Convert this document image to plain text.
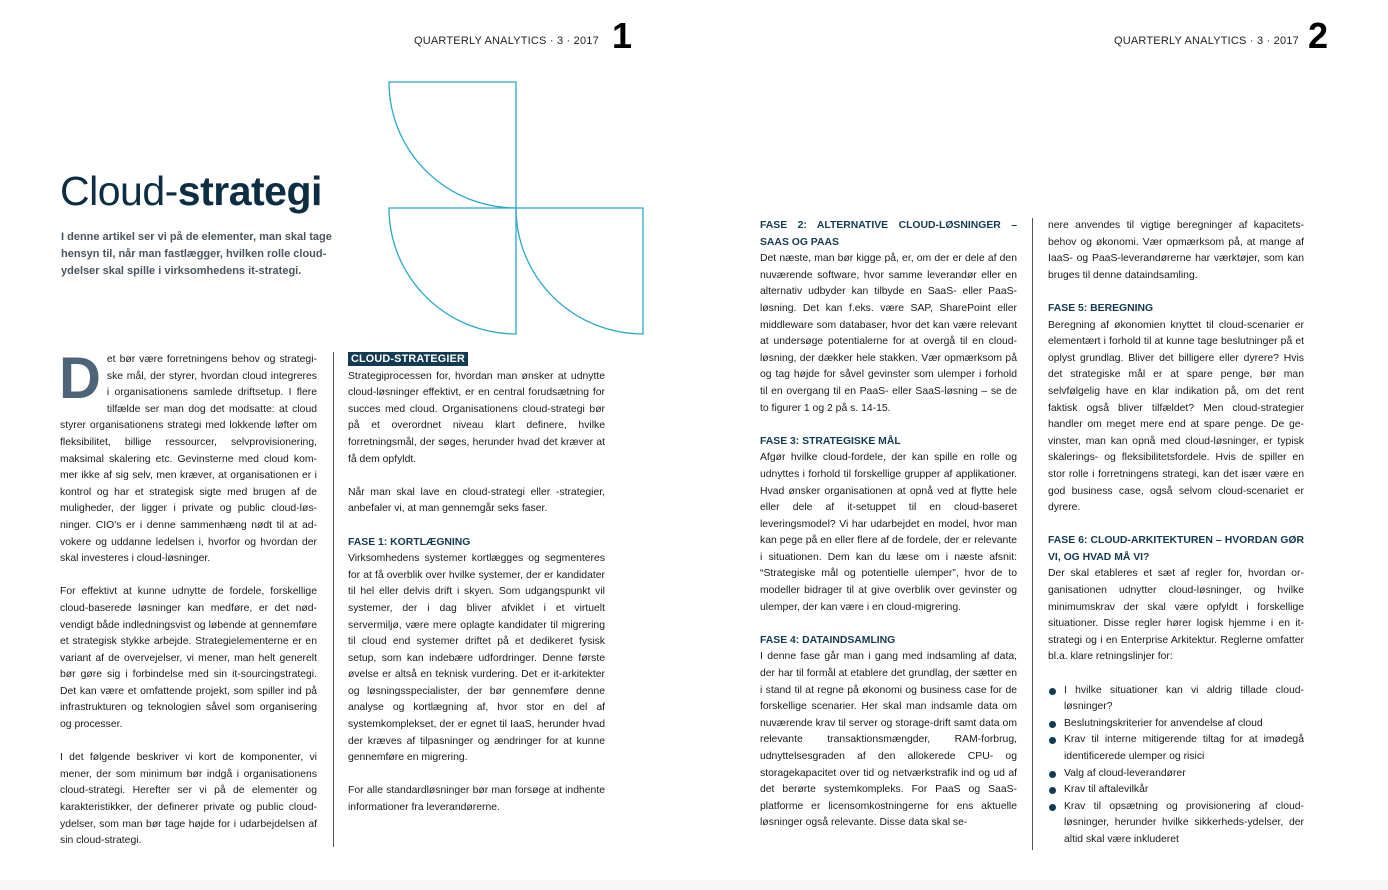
QUARTERLY ANALYTICS · 3 · 2017 1
Cloud-strategi
I denne artikel ser vi på de elementer, man skal tage hensyn til, når man fastlægger, hvilken rolle cloud-ydelser skal spille i virksomhedens it-strategi.

Det bør være forretningens behov og strategiske mål, der styrer, hvordan cloud integreres i organisationens samlede driftsetup. I flere tilfælde ser man dog det modsatte: at cloud styrer organisationens strategi med lokkende løfter om fleksibilitet, billige ressourcer, selvprovisionering, maksimal skalering etc. Gevinsterne med cloud kommer ikke af sig selv, men kræver, at organisationen er i kontrol og har et strategisk sigte med brugen af de muligheder, der ligger i private og public cloud-løsninger. CIO's er i denne sammenhæng nødt til at advokere og uddanne ledelsen i, hvorfor og hvordan der skal investeres i cloud-løsninger.

For effektivt at kunne udnytte de fordele, forskellige cloud-baserede løsninger kan medføre, er det nødvendigt både indledningsvist og løbende at gennemføre et strategisk stykke arbejde. Strategielementerne er en variant af de overvejelser, vi mener, man helt generelt bør gøre sig i forbindelse med sin it-sourcingstrategi. Det kan være et omfattende projekt, som spiller ind på infrastrukturen og teknologien såvel som organisering og processer.

I det følgende beskriver vi kort de komponenter, vi mener, der som minimum bør indgå i organisationens cloud-strategi. Herefter ser vi på de elementer og karakteristikker, der definerer private og public cloud-ydelser, som man bør tage højde for i udarbejdelsen af sin cloud-strategi.

CLOUD-STRATEGIER

Strategiprocessen for, hvordan man ønsker at udnytte cloud-løsninger effektivt, er en central forudsætning for succes med cloud. Organisationens cloud-strategi bør på et overordnet niveau klart definere, hvilke forretningsmål, der søges, herunder hvad det kræver at få dem opfyldt.

Når man skal lave en cloud-strategi eller -strategier, anbefaler vi, at man gennemgår seks faser.

FASE 1: KORTLÆGNING

Virksomhedens systemer kortlægges og segmenteres for at få overblik over hvilke systemer, der er kandidater til hel eller delvis drift i skyen. Som udgangspunkt vil systemer, der i dag bliver afviklet i et virtuelt servermiljø, være mere oplagte kandidater til migrering til cloud end systemer driftet på et dedikeret fysisk setup, som kan indebære udfordringer. Denne første øvelse er altså en teknisk vurdering. Det er it-arkitekter og løsningsspecialister, der bør gennemføre denne analyse og kortlægning af, hvor stor en del af systemkomplekset, der er egnet til IaaS, herunder hvad der kræves af tilpasninger og ændringer for at kunne gennemføre en migrering.

For alle standardløsninger bør man forsøge at indhente informationer fra leverandørerne.

QUARTERLY ANALYTICS · 3 · 2017 2
FASE 2: ALTERNATIVE CLOUD-LØSNINGER – SAAS OG PAAS

Det næste, man bør kigge på, er, om der er dele af den nuværende software, hvor samme leverandør eller en alternativ udbyder kan tilbyde en SaaS- eller PaaS-løsning. Det kan f.eks. være SAP, SharePoint eller middleware som databaser, hvor det kan være relevant at undersøge potentialerne for at overgå til en cloud-løsning, der dækker hele stakken. Vær opmærksom på og tag højde for såvel gevinster som ulemper i forhold til en overgang til en PaaS- eller SaaS-løsning – se de to figurer 1 og 2 på s. 14-15.

FASE 3: STRATEGISKE MÅL

Afgør hvilke cloud-fordele, der kan spille en rolle og udnyttes i forhold til forskellige grupper af applikationer. Hvad ønsker organisationen at opnå ved at flytte hele eller dele af it-setuppet til en cloud-baseret leveringsmodel? Vi har udarbejdet en model, hvor man kan pege på en eller flere af de fordele, der er relevante i situationen. Dem kan du læse om i næste afsnit: “Strategiske mål og potentielle ulemper”, hvor de to modeller bidrager til at give overblik over gevinster og ulemper, der kan være i en cloud-migrering.

FASE 4: DATAINDSAMLING

I denne fase går man i gang med indsamling af data, der har til formål at etablere det grundlag, der sætter en i stand til at regne på økonomi og business case for de forskellige scenarier. Her skal man indsamle data om nuværende krav til server og storage-drift samt data om relevante transaktionsmængder, RAM-forbrug, udnyttelsesgraden af den allokerede CPU- og storagekapacitet over tid og netværkstrafik ind og ud af det berørte systemkompleks. For PaaS og SaaS-platforme er licensomkostningerne for ens aktuelle løsninger også relevante. Disse data skal se-

nere anvendes til vigtige beregninger af kapacitetsbehov og økonomi. Vær opmærksom på, at mange af IaaS- og PaaS-leverandørerne har værktøjer, som kan bruges til denne dataindsamling.

FASE 5: BEREGNING

Beregning af økonomien knyttet til cloud-scenarier er elementært i forhold til at kunne tage beslutninger på et oplyst grundlag. Bliver det billigere eller dyrere? Hvis det strategiske mål er at spare penge, bør man selvfølgelig have en klar indikation på, om det rent faktisk også bliver tilfældet? Men cloud-strategier handler om meget mere end at spare penge. De gevinster, man kan opnå med cloud-løsninger, er typisk skalerings- og fleksibilitetsfordele. Hvis de spiller en stor rolle i forretningens strategi, kan det især være en god business case, også selvom cloud-scenariet er dyrere.

FASE 6: CLOUD-ARKITEKTUREN – HVORDAN GØR VI, OG HVAD MÅ VI?

Der skal etableres et sæt af regler for, hvordan organisationen udnytter cloud-løsninger, og hvilke minimumskrav der skal være opfyldt i forskellige situationer. Disse regler hører logisk hjemme i en it-strategi og i en Enterprise Arkitektur. Reglerne omfatter bl.a. klare retningslinjer for:

I hvilke situationer kan vi aldrig tillade cloud-løsninger?
Beslutningskriterier for anvendelse af cloud
Krav til interne mitigerende tiltag for at imødegå identificerede ulemper og risici
Valg af cloud-leverandører
Krav til aftalevilkår
Krav til opsætning og provisionering af cloud-løsninger, herunder hvilke sikkerheds-ydelser, der altid skal være inkluderet
